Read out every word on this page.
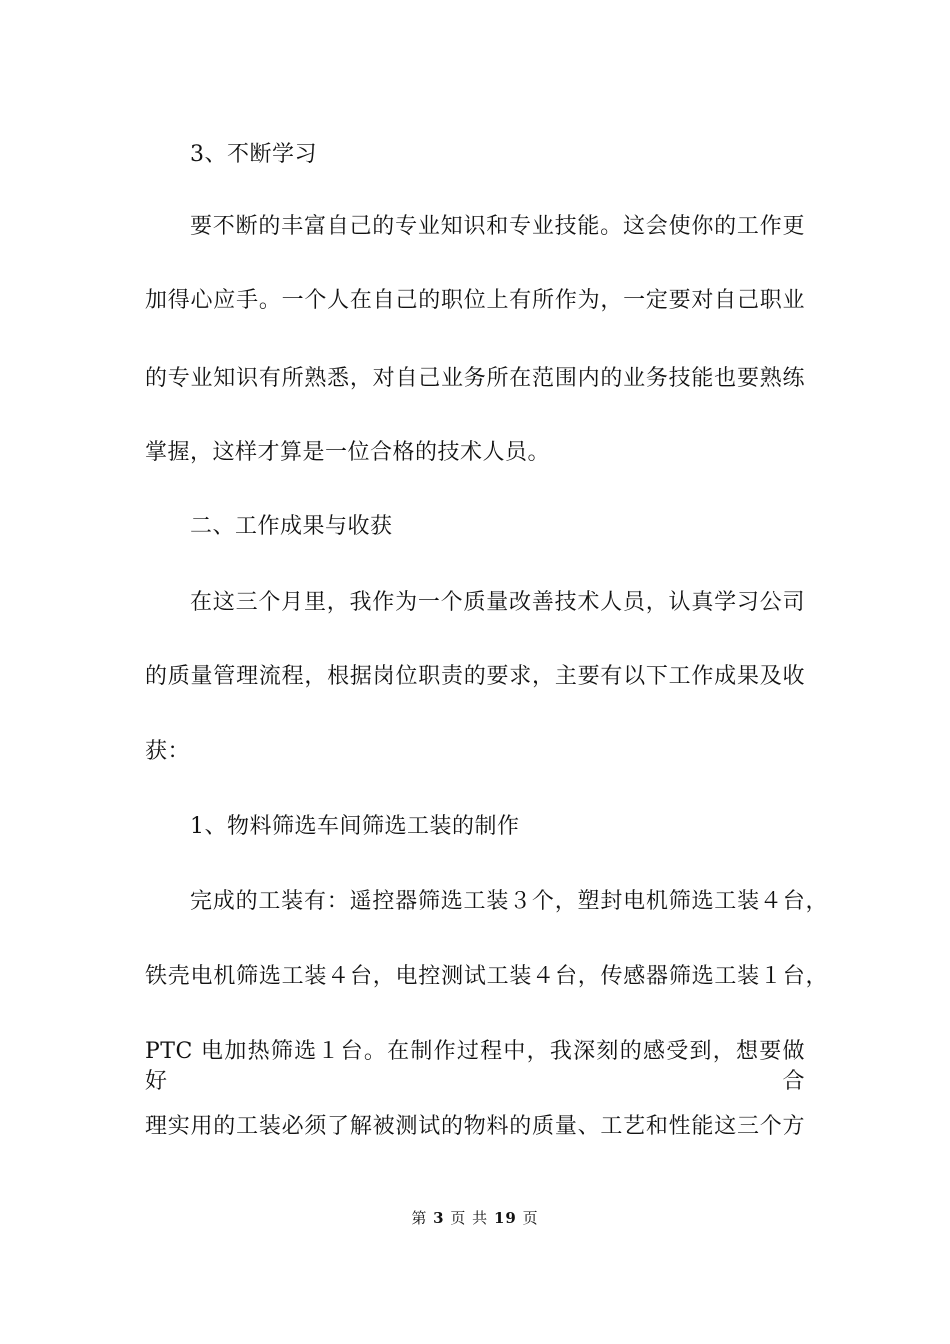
3、不断学习
要不断的丰富自己的专业知识和专业技能。这会使你的工作更
加得心应手。一个人在自己的职位上有所作为，一定要对自己职业
的专业知识有所熟悉，对自己业务所在范围内的业务技能也要熟练
掌握，这样才算是一位合格的技术人员。
二、工作成果与收获
在这三个月里，我作为一个质量改善技术人员，认真学习公司
的质量管理流程，根据岗位职责的要求，主要有以下工作成果及收
获：
1、物料筛选车间筛选工装的制作
完成的工装有：遥控器筛选工装３个，塑封电机筛选工装４台，
铁壳电机筛选工装４台，电控测试工装４台，传感器筛选工装１台，
PTC 电加热筛选１台。在制作过程中，我深刻的感受到，想要做好合
理实用的工装必须了解被测试的物料的质量、工艺和性能这三个方
第 3 页 共 19 页
